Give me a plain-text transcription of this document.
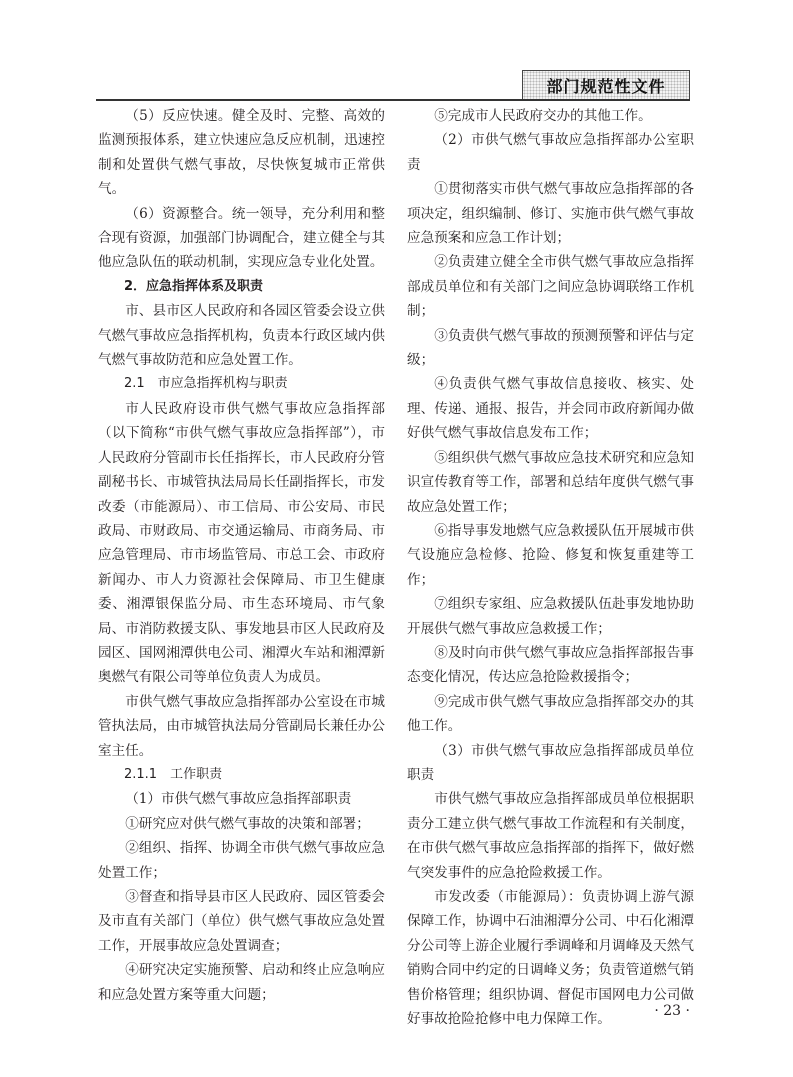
部门规范性文件

（5）反应快速。健全及时、完整、高效的监测预报体系，建立快速应急反应机制，迅速控制和处置供气燃气事故，尽快恢复城市正常供气。

（6）资源整合。统一领导，充分利用和整合现有资源，加强部门协调配合，建立健全与其他应急队伍的联动机制，实现应急专业化处置。

2．应急指挥体系及职责

市、县市区人民政府和各园区管委会设立供气燃气事故应急指挥机构，负责本行政区域内供气燃气事故防范和应急处置工作。

2.1　市应急指挥机构与职责

市人民政府设市供气燃气事故应急指挥部（以下简称“市供气燃气事故应急指挥部”），市人民政府分管副市长任指挥长，市人民政府分管副秘书长、市城管执法局局长任副指挥长，市发改委（市能源局）、市工信局、市公安局、市民政局、市财政局、市交通运输局、市商务局、市应急管理局、市市场监管局、市总工会、市政府新闻办、市人力资源社会保障局、市卫生健康委、湘潭银保监分局、市生态环境局、市气象局、市消防救援支队、事发地县市区人民政府及园区、国网湘潭供电公司、湘潭火车站和湘潭新奥燃气有限公司等单位负责人为成员。

市供气燃气事故应急指挥部办公室设在市城管执法局，由市城管执法局分管副局长兼任办公室主任。

2.1.1　工作职责

（1）市供气燃气事故应急指挥部职责

①研究应对供气燃气事故的决策和部署；

②组织、指挥、协调全市供气燃气事故应急处置工作；

③督查和指导县市区人民政府、园区管委会及市直有关部门（单位）供气燃气事故应急处置工作，开展事故应急处置调查；

④研究决定实施预警、启动和终止应急响应和应急处置方案等重大问题；

⑤完成市人民政府交办的其他工作。

（2）市供气燃气事故应急指挥部办公室职责

①贯彻落实市供气燃气事故应急指挥部的各项决定，组织编制、修订、实施市供气燃气事故应急预案和应急工作计划；

②负责建立健全全市供气燃气事故应急指挥部成员单位和有关部门之间应急协调联络工作机制；

③负责供气燃气事故的预测预警和评估与定级；

④负责供气燃气事故信息接收、核实、处理、传递、通报、报告，并会同市政府新闻办做好供气燃气事故信息发布工作；

⑤组织供气燃气事故应急技术研究和应急知识宣传教育等工作，部署和总结年度供气燃气事故应急处置工作；

⑥指导事发地燃气应急救援队伍开展城市供气设施应急检修、抢险、修复和恢复重建等工作；

⑦组织专家组、应急救援队伍赴事发地协助开展供气燃气事故应急救援工作；

⑧及时向市供气燃气事故应急指挥部报告事态变化情况，传达应急抢险救援指令；

⑨完成市供气燃气事故应急指挥部交办的其他工作。

（3）市供气燃气事故应急指挥部成员单位职责

市供气燃气事故应急指挥部成员单位根据职责分工建立供气燃气事故工作流程和有关制度，在市供气燃气事故应急指挥部的指挥下，做好燃气突发事件的应急抢险救援工作。

市发改委（市能源局）：负责协调上游气源保障工作，协调中石油湘潭分公司、中石化湘潭分公司等上游企业履行季调峰和月调峰及天然气销购合同中约定的日调峰义务；负责管道燃气销售价格管理；组织协调、督促市国网电力公司做好事故抢险抢修中电力保障工作。

· 23 ·
